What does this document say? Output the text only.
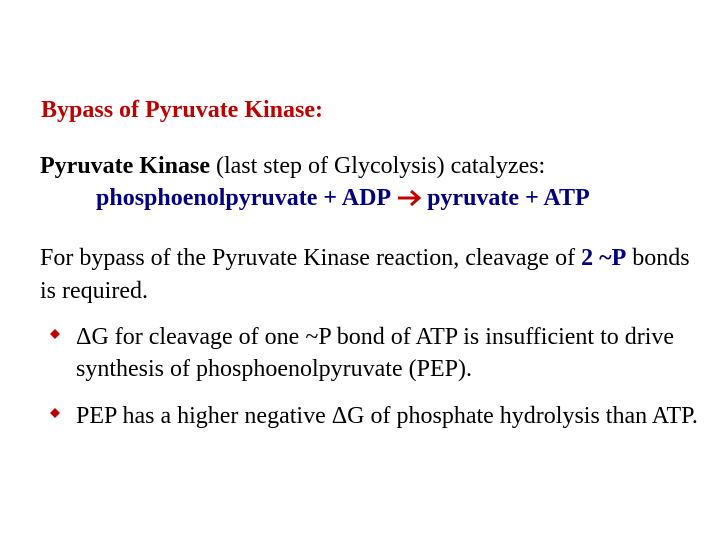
Bypass of Pyruvate Kinase:
Pyruvate Kinase (last step of Glycolysis) catalyzes:
phosphoenolpyruvate + ADP pyruvate + ATP
For bypass of the Pyruvate Kinase reaction, cleavage of 2 ~P bonds is required.
ΔG for cleavage of one ~P bond of ATP is insufficient to drive synthesis of phosphoenolpyruvate (PEP).
PEP has a higher negative ΔG of phosphate hydrolysis than ATP.
